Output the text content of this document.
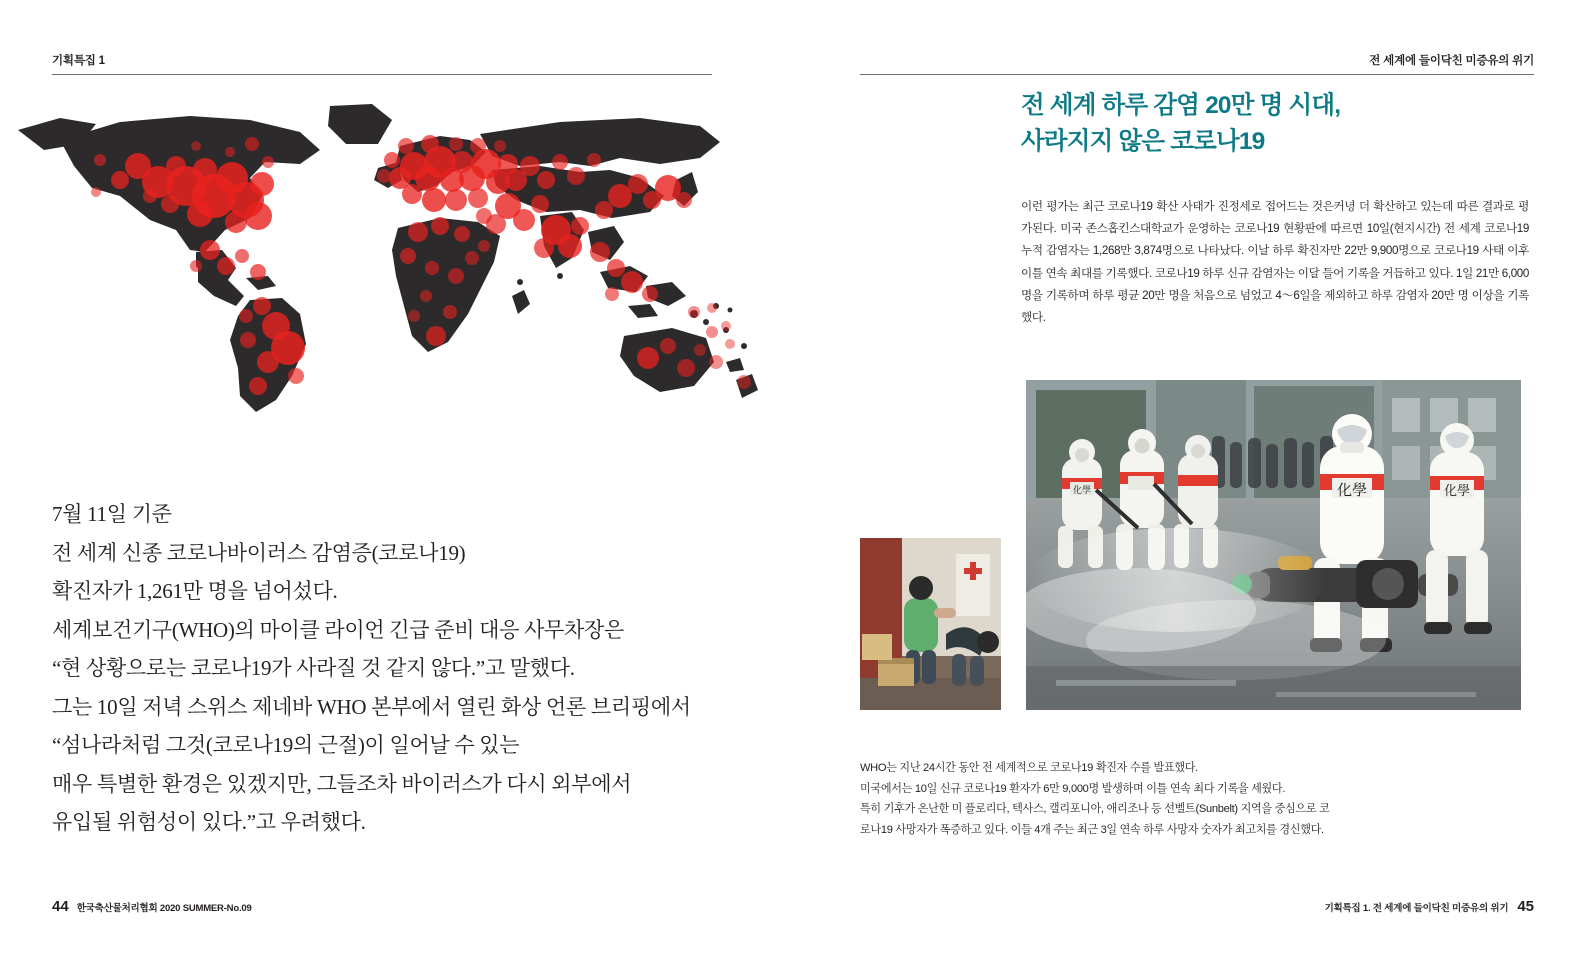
기획특집 1
7월 11일 기준
전 세계 신종 코로나바이러스 감염증(코로나19)
확진자가 1,261만 명을 넘어섰다.
세계보건기구(WHO)의 마이클 라이언 긴급 준비 대응 사무차장은
“현 상황으로는 코로나19가 사라질 것 같지 않다.”고 말했다.
그는 10일 저녁 스위스 제네바 WHO 본부에서 열린 화상 언론 브리핑에서
“섬나라처럼 그것(코로나19의 근절)이 일어날 수 있는
매우 특별한 환경은 있겠지만, 그들조차 바이러스가 다시 외부에서
유입될 위험성이 있다.”고 우려했다.
44 한국축산물처리협회 2020 SUMMER-No.09
전 세계에 들이닥친 미증유의 위기
전 세계 하루 감염 20만 명 시대,
사라지지 않은 코로나19
이런 평가는 최근 코로나19 확산 사태가 진정세로 접어드는 것은커녕 더 확산하고 있는데 따른 결과로 평가된다. 미국 존스홉킨스대학교가 운영하는 코로나19 현황판에 따르면 10일(현지시간) 전 세계 코로나19 누적 감염자는 1,268만 3,874명으로 나타났다. 이날 하루 확진자만 22만 9,900명으로 코로나19 사태 이후 이틀 연속 최대를 기록했다. 코로나19 하루 신규 감염자는 이달 들어 기록을 거듭하고 있다. 1일 21만 6,000명을 기록하며 하루 평균 20만 명을 처음으로 넘었고 4〜6일을 제외하고 하루 감염자 20만 명 이상을 기록했다.
化學	化學	化學
WHO는 지난 24시간 동안 전 세계적으로 코로나19 확진자 수를 발표했다.
미국에서는 10일 신규 코로나19 환자가 6만 9,000명 발생하며 이틀 연속 최다 기록을 세웠다.
특히 기후가 온난한 미 플로리다, 텍사스, 캘리포니아, 애리조나 등 선벨트(Sunbelt) 지역을 중심으로 코
로나19 사망자가 폭증하고 있다. 이들 4개 주는 최근 3일 연속 하루 사망자 숫자가 최고치를 경신했다.
기획특집 1. 전 세계에 들이닥친 미증유의 위기 45
